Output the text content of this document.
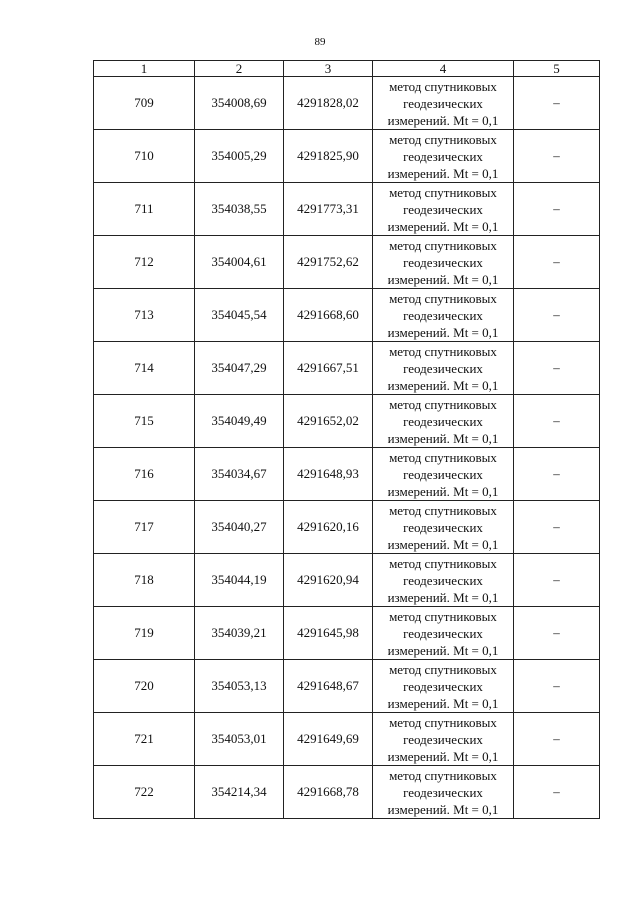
89
1	2	3	4	5
709	354008,69	4291828,02	метод спутниковых
геодезических
измерений. Mt = 0,1	–
710	354005,29	4291825,90	метод спутниковых
геодезических
измерений. Mt = 0,1	–
711	354038,55	4291773,31	метод спутниковых
геодезических
измерений. Mt = 0,1	–
712	354004,61	4291752,62	метод спутниковых
геодезических
измерений. Mt = 0,1	–
713	354045,54	4291668,60	метод спутниковых
геодезических
измерений. Mt = 0,1	–
714	354047,29	4291667,51	метод спутниковых
геодезических
измерений. Mt = 0,1	–
715	354049,49	4291652,02	метод спутниковых
геодезических
измерений. Mt = 0,1	–
716	354034,67	4291648,93	метод спутниковых
геодезических
измерений. Mt = 0,1	–
717	354040,27	4291620,16	метод спутниковых
геодезических
измерений. Mt = 0,1	–
718	354044,19	4291620,94	метод спутниковых
геодезических
измерений. Mt = 0,1	–
719	354039,21	4291645,98	метод спутниковых
геодезических
измерений. Mt = 0,1	–
720	354053,13	4291648,67	метод спутниковых
геодезических
измерений. Mt = 0,1	–
721	354053,01	4291649,69	метод спутниковых
геодезических
измерений. Mt = 0,1	–
722	354214,34	4291668,78	метод спутниковых
геодезических
измерений. Mt = 0,1	–
